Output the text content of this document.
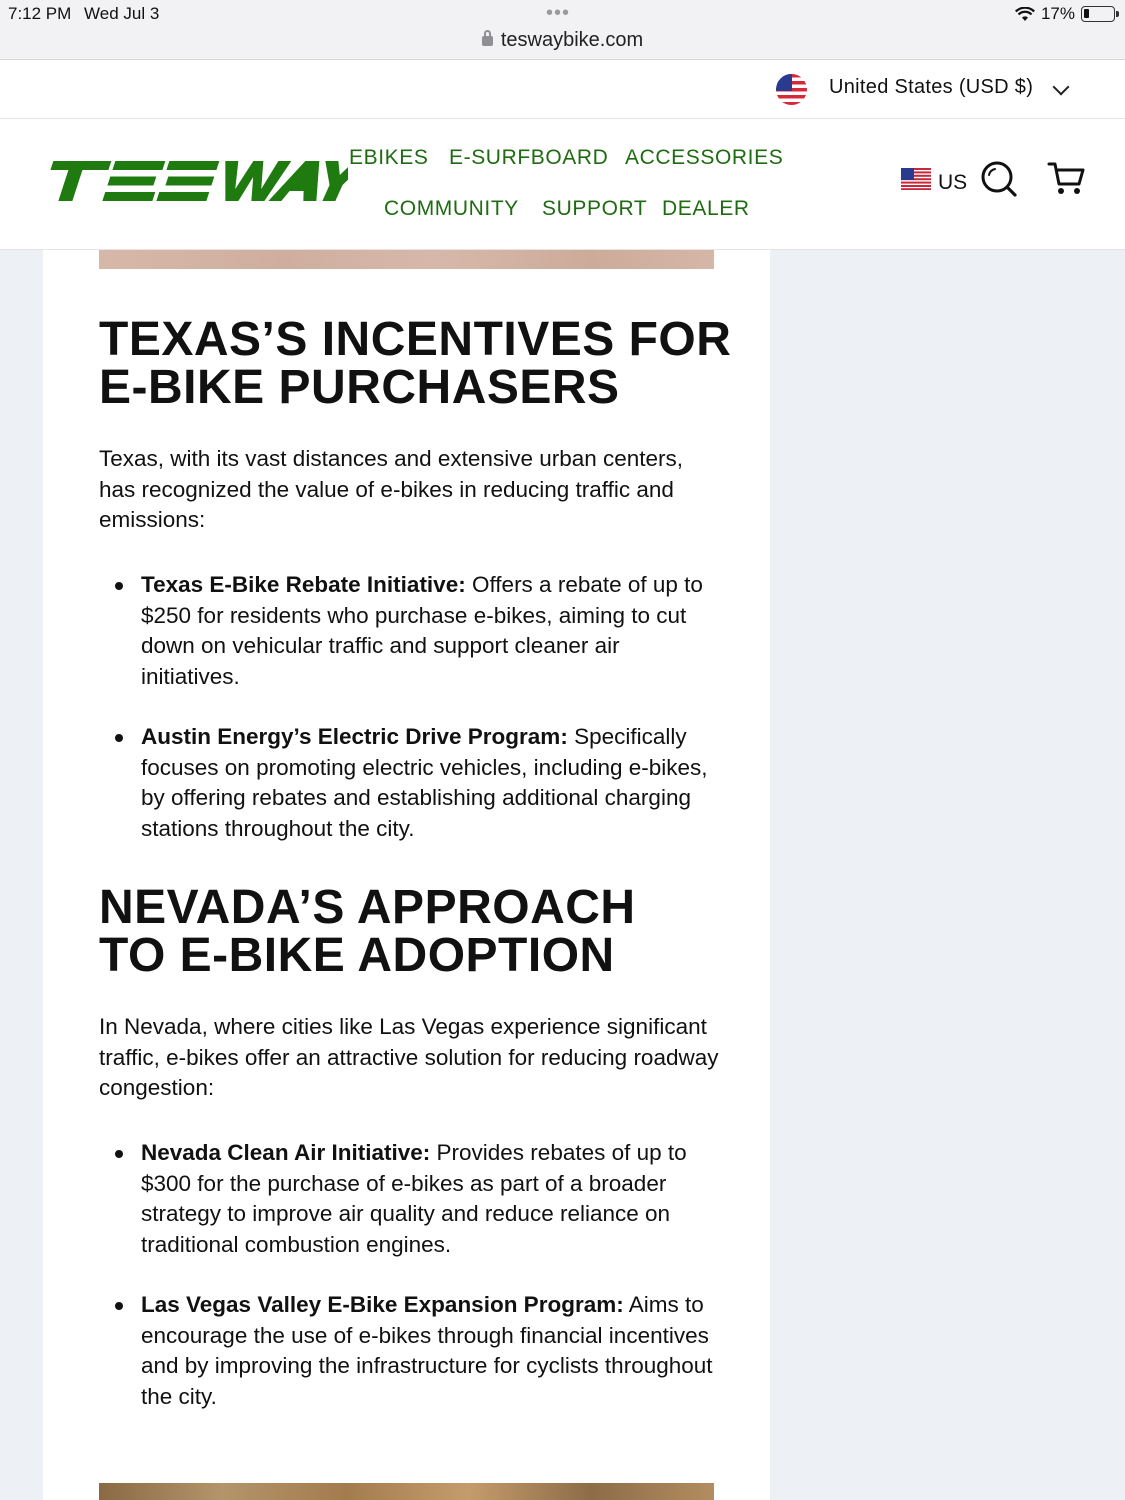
7:12 PM Wed Jul 3	•••	17%
teswaybike.com
United States (USD $)
EBIKES E-SURFBOARD ACCESSORIES
COMMUNITY SUPPORT DEALER
US
TEXAS’S INCENTIVES FOR
E-BIKE PURCHASERS

Texas, with its vast distances and extensive urban centers, has recognized the value of e-bikes in reducing traffic and emissions:

Texas E-Bike Rebate Initiative: Offers a rebate of up to $250 for residents who purchase e-bikes, aiming to cut down on vehicular traffic and support cleaner air initiatives.
Austin Energy’s Electric Drive Program: Specifically focuses on promoting electric vehicles, including e-bikes, by offering rebates and establishing additional charging stations throughout the city.
NEVADA’S APPROACH
TO E-BIKE ADOPTION

In Nevada, where cities like Las Vegas experience significant traffic, e-bikes offer an attractive solution for reducing roadway congestion:

Nevada Clean Air Initiative: Provides rebates of up to $300 for the purchase of e-bikes as part of a broader strategy to improve air quality and reduce reliance on traditional combustion engines.
Las Vegas Valley E-Bike Expansion Program: Aims to encourage the use of e-bikes through financial incentives and by improving the infrastructure for cyclists throughout the city.
